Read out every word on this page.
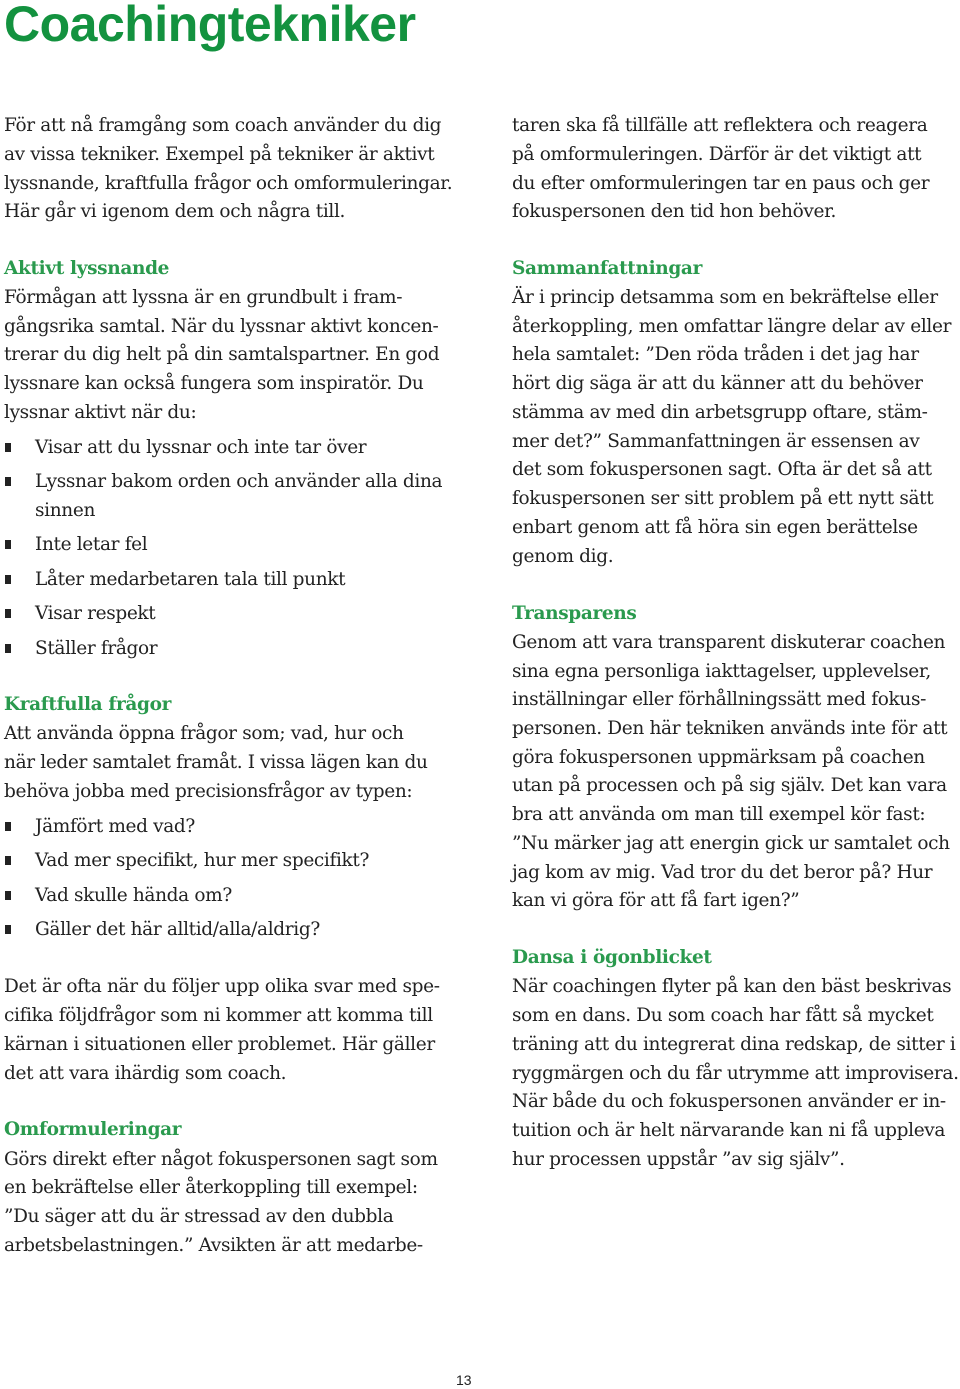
Coachingtekniker
För att nå framgång som coach använder du dig
av vissa tekniker. Exempel på tekniker är aktivt
lyssnande, kraftfulla frågor och omformuleringar.
Här går vi igenom dem och några till.
Aktivt lyssnande
Förmågan att lyssna är en grundbult i fram-
gångsrika samtal. När du lyssnar aktivt koncen-
trerar du dig helt på din samtalspartner. En god
lyssnare kan också fungera som inspiratör. Du
lyssnar aktivt när du:
Visar att du lyssnar och inte tar över
Lyssnar bakom orden och använder alla dina
sinnen
Inte letar fel
Låter medarbetaren tala till punkt
Visar respekt
Ställer frågor
Kraftfulla frågor
Att använda öppna frågor som; vad, hur och
när leder samtalet framåt. I vissa lägen kan du
behöva jobba med precisionsfrågor av typen:
Jämfört med vad?
Vad mer specifikt, hur mer specifikt?
Vad skulle hända om?
Gäller det här alltid/alla/aldrig?
Det är ofta när du följer upp olika svar med spe-
cifika följdfrågor som ni kommer att komma till
kärnan i situationen eller problemet. Här gäller
det att vara ihärdig som coach.
Omformuleringar
Görs direkt efter något fokuspersonen sagt som
en bekräftelse eller återkoppling till exempel:
”Du säger att du är stressad av den dubbla
arbetsbelastningen.” Avsikten är att medarbe-
taren ska få tillfälle att reflektera och reagera
på omformuleringen. Därför är det viktigt att
du efter omformuleringen tar en paus och ger
fokuspersonen den tid hon behöver.
Sammanfattningar
Är i princip detsamma som en bekräftelse eller
återkoppling, men omfattar längre delar av eller
hela samtalet: ”Den röda tråden i det jag har
hört dig säga är att du känner att du behöver
stämma av med din arbetsgrupp oftare, stäm-
mer det?” Sammanfattningen är essensen av
det som fokuspersonen sagt. Ofta är det så att
fokuspersonen ser sitt problem på ett nytt sätt
enbart genom att få höra sin egen berättelse
genom dig.
Transparens
Genom att vara transparent diskuterar coachen
sina egna personliga iakttagelser, upplevelser,
inställningar eller förhållningssätt med fokus-
personen. Den här tekniken används inte för att
göra fokuspersonen uppmärksam på coachen
utan på processen och på sig själv. Det kan vara
bra att använda om man till exempel kör fast:
”Nu märker jag att energin gick ur samtalet och
jag kom av mig. Vad tror du det beror på? Hur
kan vi göra för att få fart igen?”
Dansa i ögonblicket
När coachingen flyter på kan den bäst beskrivas
som en dans. Du som coach har fått så mycket
träning att du integrerat dina redskap, de sitter i
ryggmärgen och du får utrymme att improvisera.
När både du och fokuspersonen använder er in-
tuition och är helt närvarande kan ni få uppleva
hur processen uppstår ”av sig själv”.
13
